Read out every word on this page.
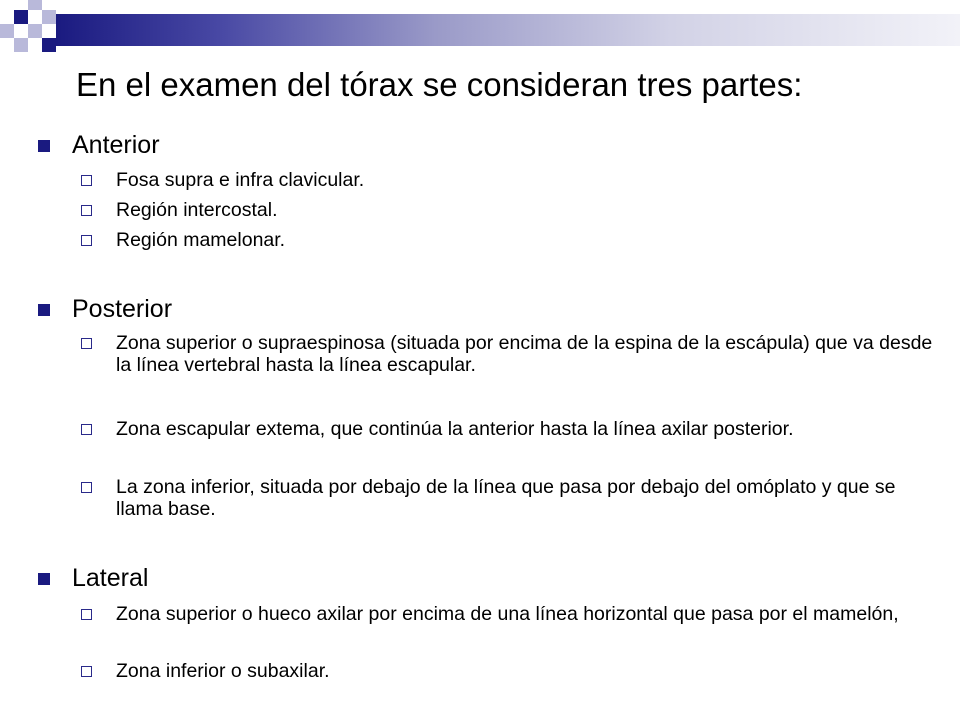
En el examen del tórax se consideran tres partes:
Anterior
Fosa supra e infra clavicular.
Región intercostal.
Región mamelonar.
Posterior
Zona superior o supraespinosa (situada por encima de la espina de la escápula) que va desde la línea vertebral hasta la línea escapular.
Zona escapular extema, que continúa la anterior hasta la línea axilar posterior.
La zona inferior, situada por debajo de la línea que pasa por debajo del omóplato y que se llama base.
Lateral
Zona superior o hueco axilar por encima de una línea horizontal que pasa por el mamelón,
Zona inferior o subaxilar.
